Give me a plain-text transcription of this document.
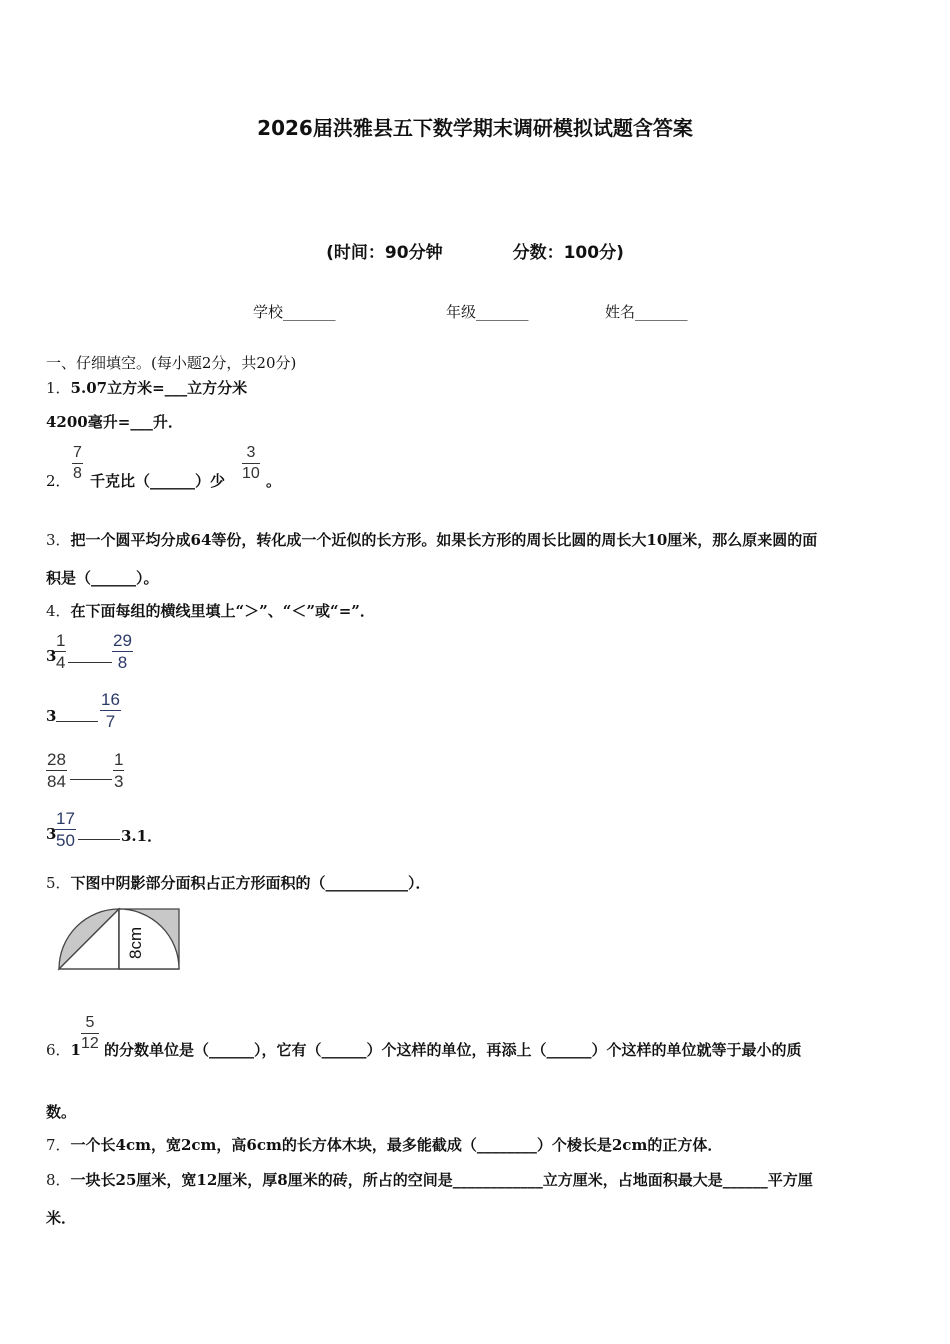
2026届洪雅县五下数学期末调研模拟试题含答案
(时间：90分钟	分数：100分)
学校_______	年级_______	姓名_______
一、仔细填空。(每小题2分，共20分)
1．5.07立方米=___立方分米
4200毫升=___升．
2． $\frac{7}{8}$ 千克比（______）少 $\frac{3}{10}$ 。
3．把一个圆平均分成64等份，转化成一个近似的长方形。如果长方形的周长比圆的周长大10厘米，那么原来圆的面
积是（______）。
4．在下面每组的横线里填上“＞”、“＜”或“=”．
3
$\frac{1}{4}$	$\frac{29}{8}$
3	$\frac{16}{7}$
$\frac{28}{84}$	$\frac{1}{3}$
3
$\frac{17}{50}$	3.1．
5．下图中阴影部分面积占正方形面积的（___________）．
8cm
6．$1 \frac{5}{12}$ 的分数单位是（______），它有（______）个这样的单位，再添上（______）个这样的单位就等于最小的质
数。
7．一个长4cm，宽2cm，高6cm的长方体木块，最多能截成（________）个棱长是2cm的正方体．
8．一块长25厘米，宽12厘米，厚8厘米的砖，所占的空间是____________立方厘米，占地面积最大是______平方厘
米．
